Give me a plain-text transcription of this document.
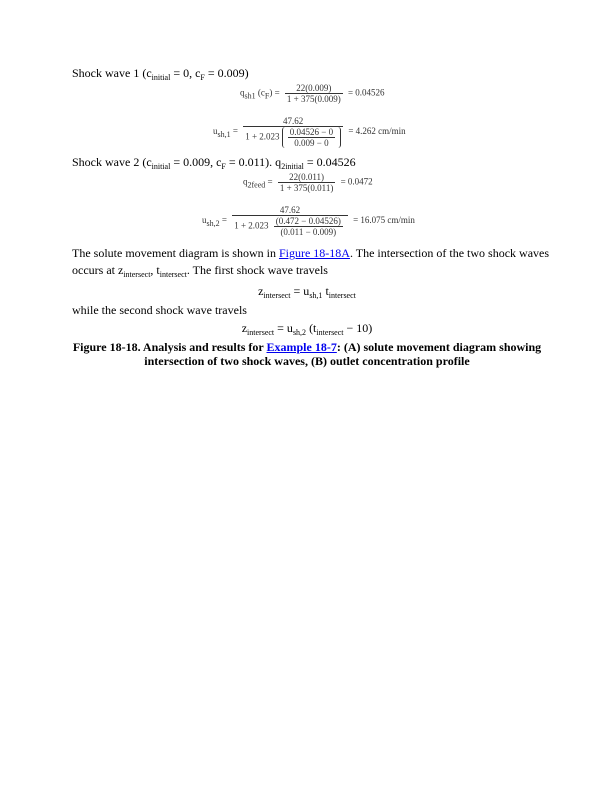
Shock wave 1 ($c_{initial} = 0$, $c_F = 0.009$)
$q_{sh1}$ $(c_F) = \frac{22(0.009)}{1 + 375(0.009)} = 0.04526$
$u_{sh,1}$ =
47.62
$1 + 2.023 \frac{0.04526 - 0}{0.009 - 0} = 4.262$ cm/min
Shock wave 2 ($c_{initial} = 0.009$, $c_F = 0.011$). $q_{2initial} = 0.04526$
$q_{2feed} = \frac{22(0.011)}{1 + 375(0.011)} = 0.0472$
$u_{sh,2}$ =
47.62
$1 + 2.023 \frac{(0.472 - 0.04526)}{(0.011 - 0.009)} = 16.075$ cm/min
The solute movement diagram is shown in Figure 18-18A. The intersection of the two shock waves
occurs at $z_{intersect}$, $t_{intersect}$. The first shock wave travels
$z_{intersect} = u_{sh,1}$ $t_{intersect}$
while the second shock wave travels
$z_{intersect} = u_{sh,2}$ $(t_{intersect} - 10)$
Figure 18-18. Analysis and results for Example 18-7: (A) solute movement diagram showing intersection of two shock waves, (B) outlet concentration profile
